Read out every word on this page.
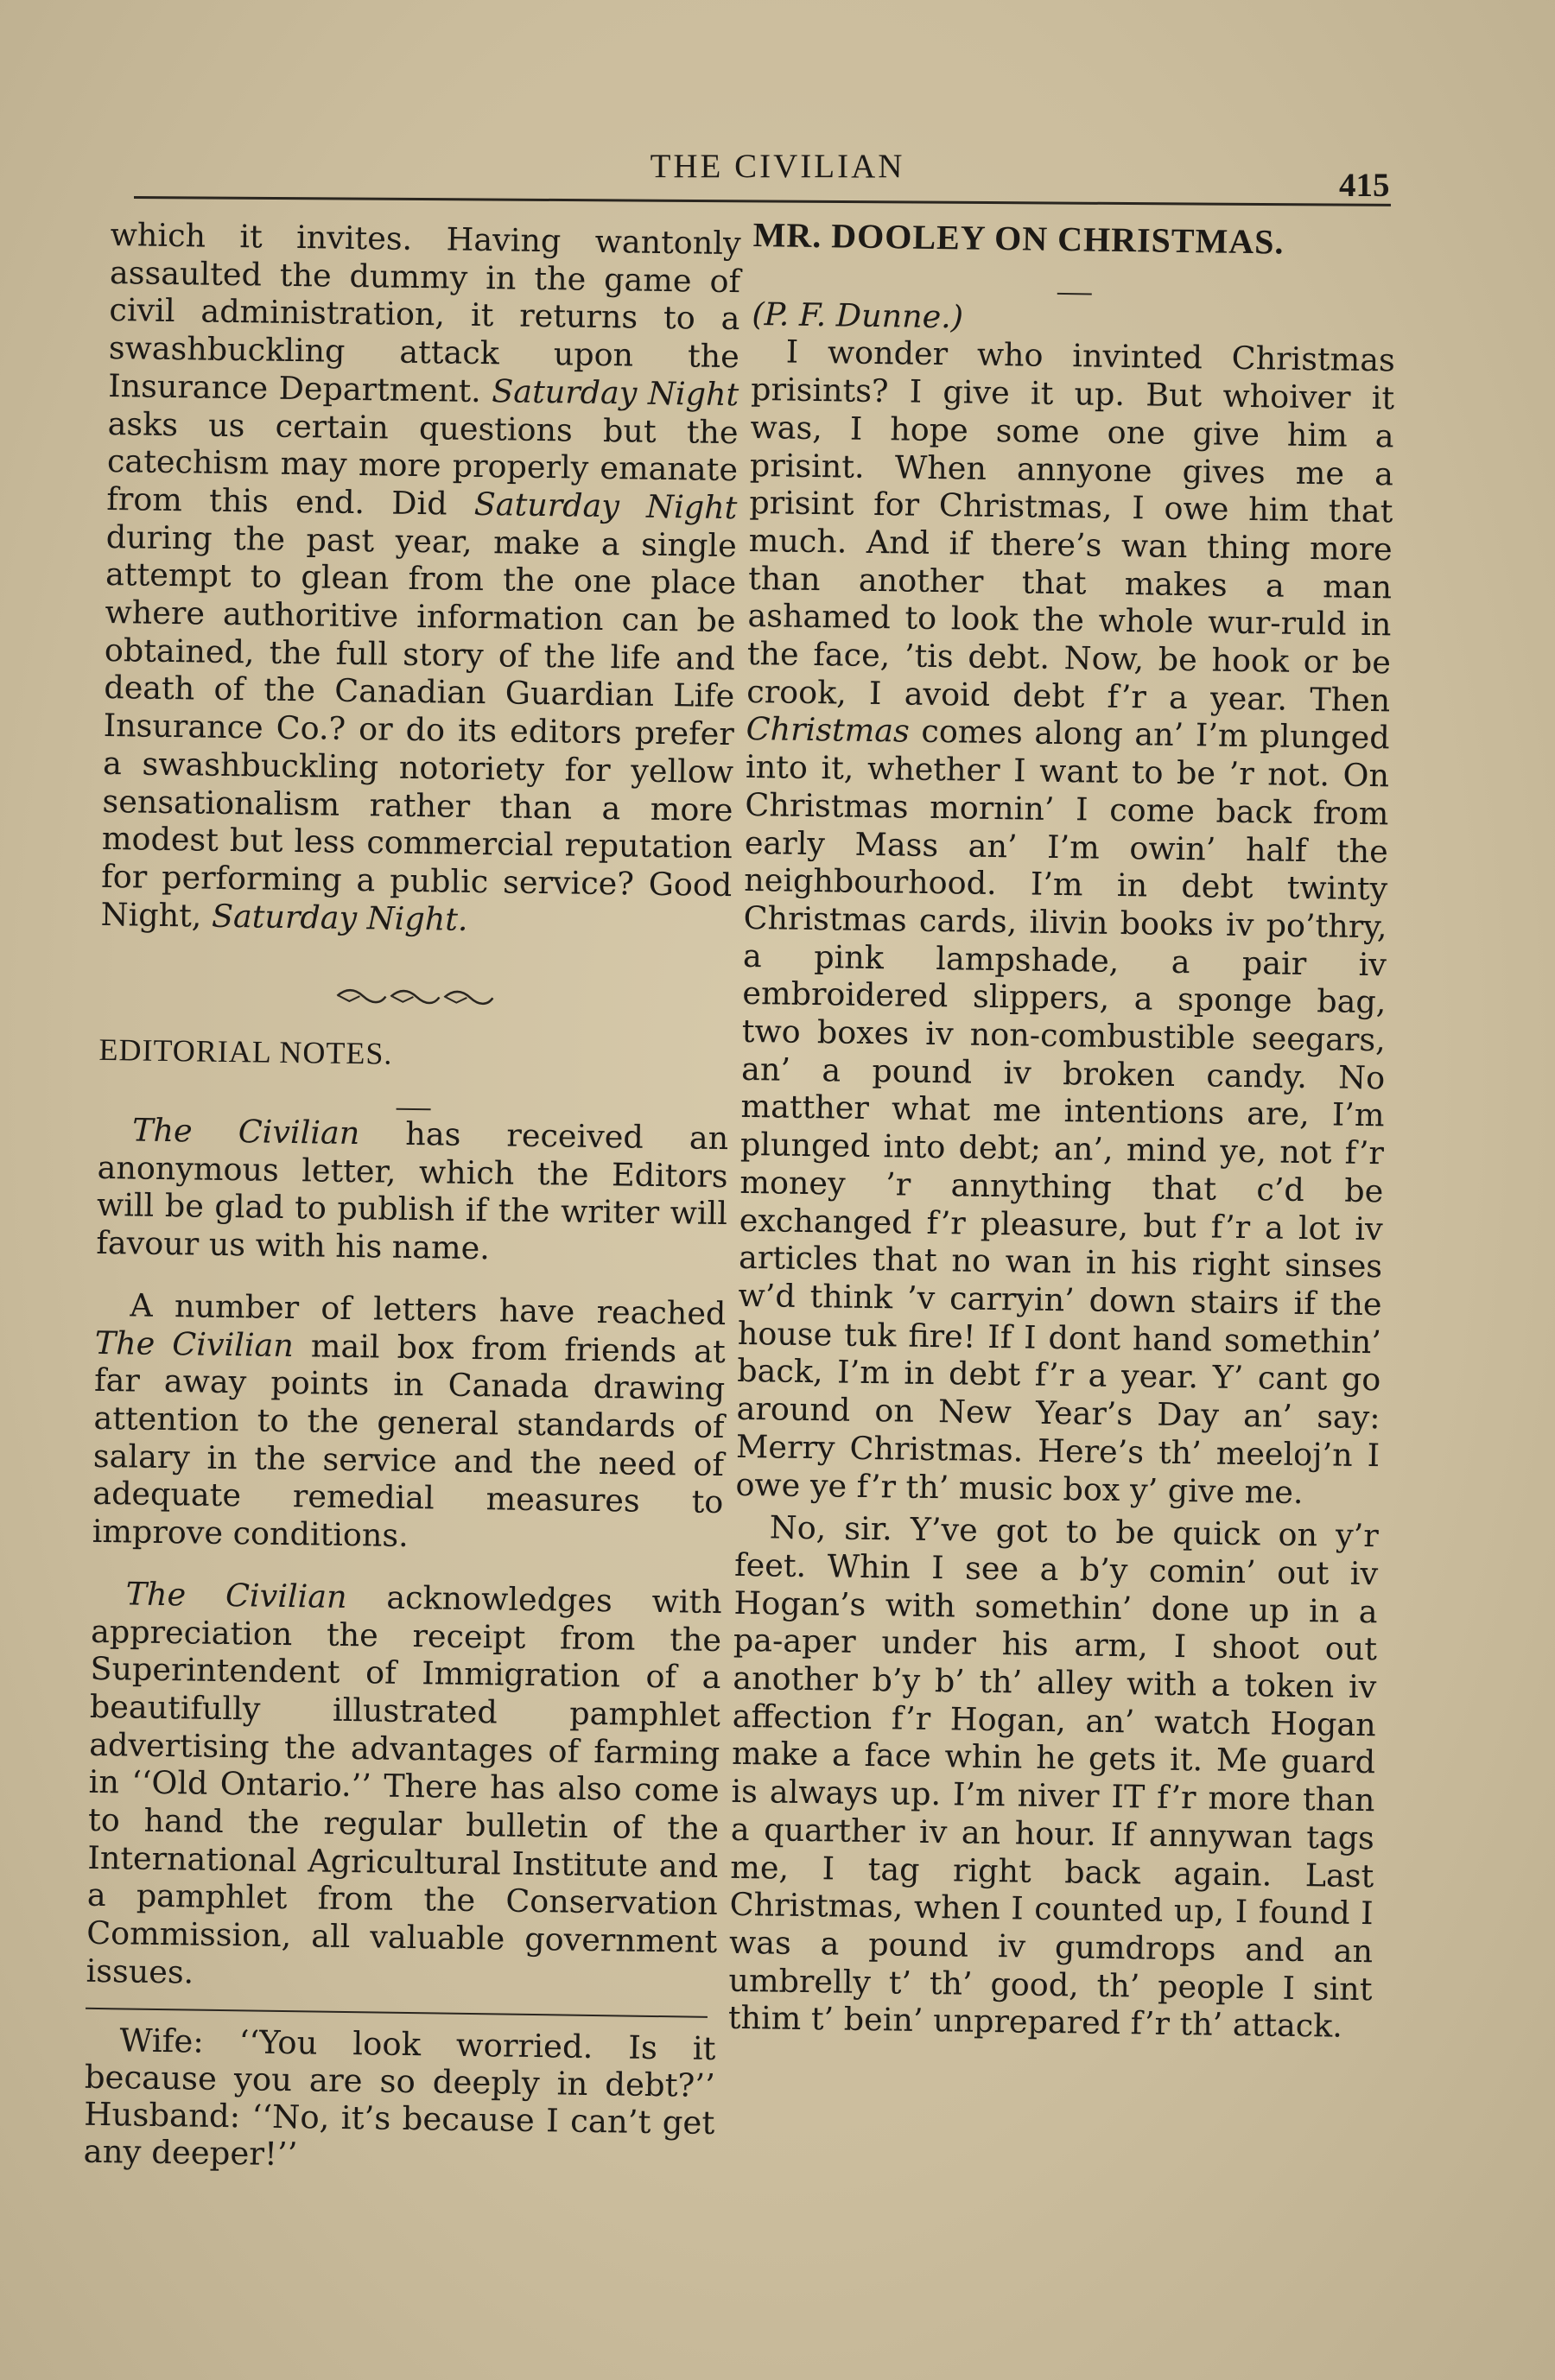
THE CIVILIAN
415

which it invites. Having wantonly assaulted the dummy in the game of civil administration, it returns to a swashbuckling attack upon the Insurance Department. Saturday Night asks us certain questions but the catechism may more properly emanate from this end. Did Saturday Night during the past year, make a single attempt to glean from the one place where authoritive information can be obtained, the full story of the life and death of the Canadian Guardian Life Insurance Co.? or do its editors prefer a swashbuckling notoriety for yellow sensationalism rather than a more modest but less commercial reputation for performing a public service? Good Night, Saturday Night.

EDITORIAL NOTES.

The Civilian has received an anonymous letter, which the Editors will be glad to publish if the writer will favour us with his name.

A number of letters have reached The Civilian mail box from friends at far away points in Canada drawing attention to the general standards of salary in the service and the need of adequate remedial measures to improve conditions.

The Civilian acknowledges with appreciation the receipt from the Superintendent of Immigration of a beautifully illustrated pamphlet advertising the advantages of farming in ‘‘Old Ontario.’’ There has also come to hand the regular bulletin of the International Agricultural Institute and a pamphlet from the Conservation Commission, all valuable government issues.

Wife: ‘‘You look worried. Is it because you are so deeply in debt?’’ Husband: ‘‘No, it’s because I can’t get any deeper!’’

MR. DOOLEY ON CHRISTMAS.

(P. F. Dunne.)

I wonder who invinted Christmas prisints? I give it up. But whoiver it was, I hope some one give him a prisint. When annyone gives me a prisint for Christmas, I owe him that much. And if there’s wan thing more than another that makes a man ashamed to look the whole wur-ruld in the face, ’tis debt. Now, be hook or be crook, I avoid debt f’r a year. Then Christmas comes along an’ I’m plunged into it, whether I want to be ’r not. On Christmas mornin’ I come back from early Mass an’ I’m owin’ half the neighbourhood. I’m in debt twinty Christmas cards, ilivin books iv po’thry, a pink lampshade, a pair iv embroidered slippers, a sponge bag, two boxes iv non-combustible seegars, an’ a pound iv broken candy. No matther what me intentions are, I’m plunged into debt; an’, mind ye, not f’r money ’r annything that c’d be exchanged f’r pleasure, but f’r a lot iv articles that no wan in his right sinses w’d think ’v carryin’ down stairs if the house tuk fire! If I dont hand somethin’ back, I’m in debt f’r a year. Y’ cant go around on New Year’s Day an’ say: Merry Christmas. Here’s th’ meeloj’n I owe ye f’r th’ music box y’ give me.

No, sir. Y’ve got to be quick on y’r feet. Whin I see a b’y comin’ out iv Hogan’s with somethin’ done up in a pa-aper under his arm, I shoot out another b’y b’ th’ alley with a token iv affection f’r Hogan, an’ watch Hogan make a face whin he gets it. Me guard is always up. I’m niver IT f’r more than a quarther iv an hour. If annywan tags me, I tag right back again. Last Christmas, when I counted up, I found I was a pound iv gumdrops and an umbrelly t’ th’ good, th’ people I sint thim t’ bein’ unprepared f’r th’ attack.
